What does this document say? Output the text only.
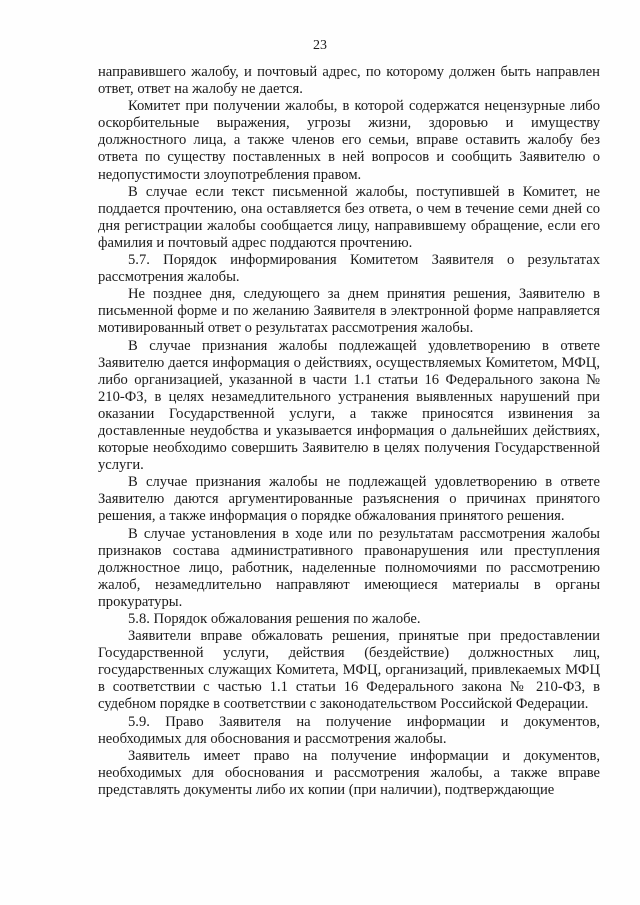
23

направившего жалобу, и почтовый адрес, по которому должен быть направлен ответ, ответ на жалобу не дается.

Комитет при получении жалобы, в которой содержатся нецензурные либо оскорбительные выражения, угрозы жизни, здоровью и имуществу должностного лица, а также членов его семьи, вправе оставить жалобу без ответа по существу поставленных в ней вопросов и сообщить Заявителю о недопустимости злоупотребления правом.

В случае если текст письменной жалобы, поступившей в Комитет, не поддается прочтению, она оставляется без ответа, о чем в течение семи дней со дня регистрации жалобы сообщается лицу, направившему обращение, если его фамилия и почтовый адрес поддаются прочтению.

5.7. Порядок информирования Комитетом Заявителя о результатах рассмотрения жалобы.

Не позднее дня, следующего за днем принятия решения, Заявителю в письменной форме и по желанию Заявителя в электронной форме направляется мотивированный ответ о результатах рассмотрения жалобы.

В случае признания жалобы подлежащей удовлетворению в ответе Заявителю дается информация о действиях, осуществляемых Комитетом, МФЦ, либо организацией, указанной в части 1.1 статьи 16 Федерального закона № 210-ФЗ, в целях незамедлительного устранения выявленных нарушений при оказании Государственной услуги, а также приносятся извинения за доставленные неудобства и указывается информация о дальнейших действиях, которые необходимо совершить Заявителю в целях получения Государственной услуги.

В случае признания жалобы не подлежащей удовлетворению в ответе Заявителю даются аргументированные разъяснения о причинах принятого решения, а также информация о порядке обжалования принятого решения.

В случае установления в ходе или по результатам рассмотрения жалобы признаков состава административного правонарушения или преступления должностное лицо, работник, наделенные полномочиями по рассмотрению жалоб, незамедлительно направляют имеющиеся материалы в органы прокуратуры.

5.8. Порядок обжалования решения по жалобе.

Заявители вправе обжаловать решения, принятые при предоставлении Государственной услуги, действия (бездействие) должностных лиц, государственных служащих Комитета, МФЦ, организаций, привлекаемых МФЦ в соответствии с частью 1.1 статьи 16 Федерального закона № 210-ФЗ, в судебном порядке в соответствии с законодательством Российской Федерации.

5.9. Право Заявителя на получение информации и документов, необходимых для обоснования и рассмотрения жалобы.

Заявитель имеет право на получение информации и документов, необходимых для обоснования и рассмотрения жалобы, а также вправе представлять документы либо их копии (при наличии), подтверждающие
